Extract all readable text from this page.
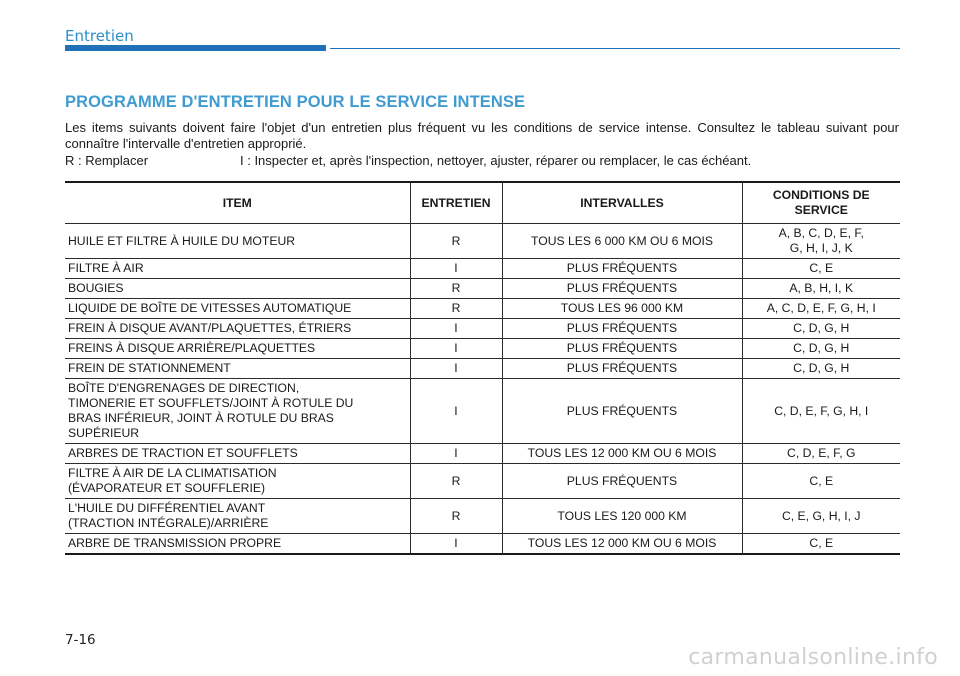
Entretien
PROGRAMME D'ENTRETIEN POUR LE SERVICE INTENSE

Les items suivants doivent faire l'objet d'un entretien plus fréquent vu les conditions de service intense. Consultez le tableau suivant pour connaître l'intervalle d'entretien approprié.

R : Remplacer	I : Inspecter et, après l'inspection, nettoyer, ajuster, réparer ou remplacer, le cas échéant.
ITEM	ENTRETIEN	INTERVALLES	CONDITIONS DE
SERVICE

HUILE ET FILTRE À HUILE DU MOTEUR	R	TOUS LES 6 000 KM OU 6 MOIS	A, B, C, D, E, F,
G, H, I, J, K

FILTRE À AIR	I	PLUS FRÉQUENTS	C, E

BOUGIES	R	PLUS FRÉQUENTS	A, B, H, I, K

LIQUIDE DE BOÎTE DE VITESSES AUTOMATIQUE	R	TOUS LES 96 000 KM	A, C, D, E, F, G, H, I

FREIN À DISQUE AVANT/PLAQUETTES, ÉTRIERS	I	PLUS FRÉQUENTS	C, D, G, H

FREINS À DISQUE ARRIÈRE/PLAQUETTES	I	PLUS FRÉQUENTS	C, D, G, H

FREIN DE STATIONNEMENT	I	PLUS FRÉQUENTS	C, D, G, H

BOÎTE D'ENGRENAGES DE DIRECTION,
TIMONERIE ET SOUFFLETS/JOINT À ROTULE DU
BRAS INFÉRIEUR, JOINT À ROTULE DU BRAS
SUPÉRIEUR	I	PLUS FRÉQUENTS	C, D, E, F, G, H, I

ARBRES DE TRACTION ET SOUFFLETS	I	TOUS LES 12 000 KM OU 6 MOIS	C, D, E, F, G

FILTRE À AIR DE LA CLIMATISATION
(ÉVAPORATEUR ET SOUFFLERIE)	R	PLUS FRÉQUENTS	C, E

L'HUILE DU DIFFÉRENTIEL AVANT
(TRACTION INTÉGRALE)/ARRIÈRE	R	TOUS LES 120 000 KM	C, E, G, H, I, J

ARBRE DE TRANSMISSION PROPRE	I	TOUS LES 12 000 KM OU 6 MOIS	C, E
7-16
carmanualsonline.info
